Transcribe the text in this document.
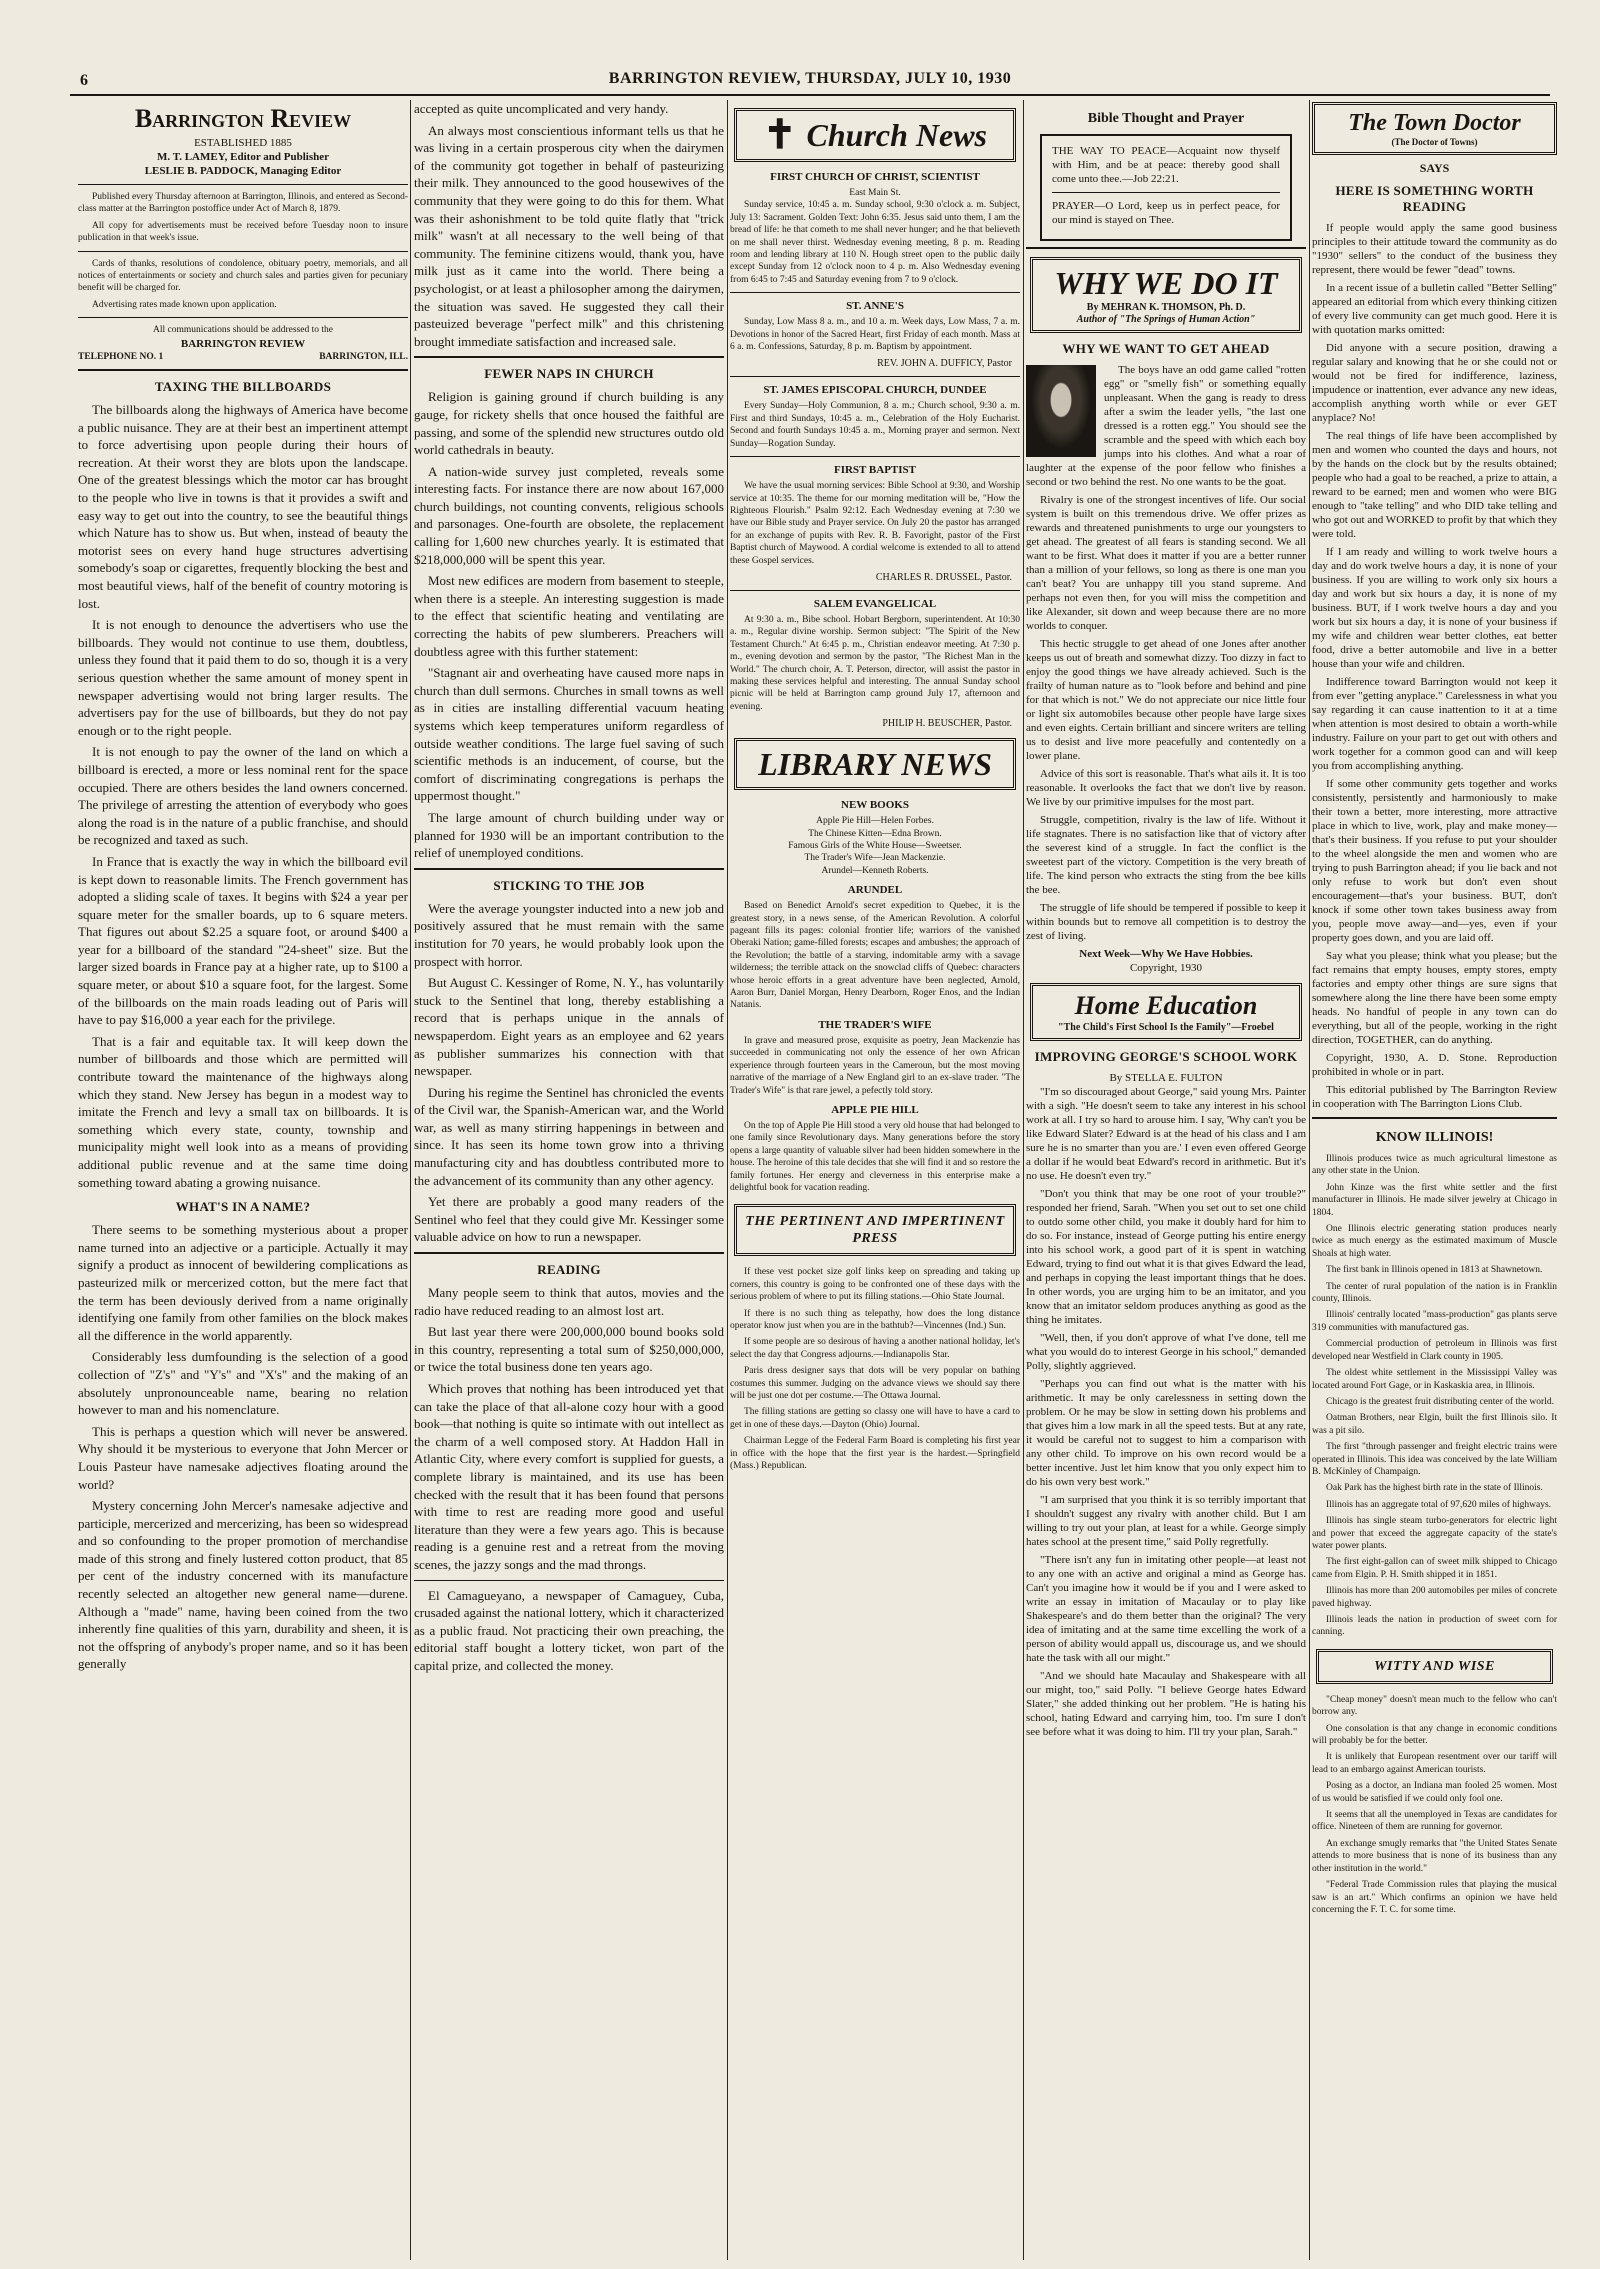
6	BARRINGTON REVIEW, THURSDAY, JULY 10, 1930
Barrington Review
ESTABLISHED 1885
M. T. LAMEY, Editor and Publisher
LESLIE B. PADDOCK, Managing Editor

Published every Thursday afternoon at Barrington, Illinois, and entered as Second-class matter at the Barrington postoffice under Act of March 8, 1879.

All copy for advertisements must be received before Tuesday noon to insure publication in that week's issue.

Cards of thanks, resolutions of condolence, obituary poetry, memorials, and all notices of entertainments or society and church sales and parties given for pecuniary benefit will be charged for.

Advertising rates made known upon application.

All communications should be addressed to the
BARRINGTON REVIEW
TELEPHONE NO. 1	BARRINGTON, ILL.
TAXING THE BILLBOARDS

The billboards along the highways of America have become a public nuisance. They are at their best an impertinent attempt to force advertising upon people during their hours of recreation. At their worst they are blots upon the landscape. One of the greatest blessings which the motor car has brought to the people who live in towns is that it provides a swift and easy way to get out into the country, to see the beautiful things which Nature has to show us. But when, instead of beauty the motorist sees on every hand huge structures advertising somebody's soap or cigarettes, frequently blocking the best and most beautiful views, half of the benefit of country motoring is lost.

It is not enough to denounce the advertisers who use the billboards. They would not continue to use them, doubtless, unless they found that it paid them to do so, though it is a very serious question whether the same amount of money spent in newspaper advertising would not bring larger results. The advertisers pay for the use of billboards, but they do not pay enough or to the right people.

It is not enough to pay the owner of the land on which a billboard is erected, a more or less nominal rent for the space occupied. There are others besides the land owners concerned. The privilege of arresting the attention of everybody who goes along the road is in the nature of a public franchise, and should be recognized and taxed as such.

In France that is exactly the way in which the billboard evil is kept down to reasonable limits. The French government has adopted a sliding scale of taxes. It begins with $24 a year per square meter for the smaller boards, up to 6 square meters. That figures out about $2.25 a square foot, or around $400 a year for a billboard of the standard "24-sheet" size. But the larger sized boards in France pay at a higher rate, up to $100 a square meter, or about $10 a square foot, for the largest. Some of the billboards on the main roads leading out of Paris will have to pay $16,000 a year each for the privilege.

That is a fair and equitable tax. It will keep down the number of billboards and those which are permitted will contribute toward the maintenance of the highways along which they stand. New Jersey has begun in a modest way to imitate the French and levy a small tax on billboards. It is something which every state, county, township and municipality might well look into as a means of providing additional public revenue and at the same time doing something toward abating a growing nuisance.

WHAT'S IN A NAME?

There seems to be something mysterious about a proper name turned into an adjective or a participle. Actually it may signify a product as innocent of bewildering complications as pasteurized milk or mercerized cotton, but the mere fact that the term has been deviously derived from a name originally identifying one family from other families on the block makes all the difference in the world apparently.

Considerably less dumfounding is the selection of a good collection of "Z's" and "Y's" and "X's" and the making of an absolutely unpronounceable name, bearing no relation however to man and his nomenclature.

This is perhaps a question which will never be answered. Why should it be mysterious to everyone that John Mercer or Louis Pasteur have namesake adjectives floating around the world?

Mystery concerning John Mercer's namesake adjective and participle, mercerized and mercerizing, has been so widespread and so confounding to the proper promotion of merchandise made of this strong and finely lustered cotton product, that 85 per cent of the industry concerned with its manufacture recently selected an altogether new general name—durene. Although a "made" name, having been coined from the two inherently fine qualities of this yarn, durability and sheen, it is not the offspring of anybody's proper name, and so it has been generally

accepted as quite uncomplicated and very handy.

An always most conscientious informant tells us that he was living in a certain prosperous city when the dairymen of the community got together in behalf of pasteurizing their milk. They announced to the good housewives of the community that they were going to do this for them. What was their ashonishment to be told quite flatly that "trick milk" wasn't at all necessary to the well being of that community. The feminine citizens would, thank you, have milk just as it came into the world. There being a psychologist, or at least a philosopher among the dairymen, the situation was saved. He suggested they call their pasteuized beverage "perfect milk" and this christening brought immediate satisfaction and increased sale.

FEWER NAPS IN CHURCH

Religion is gaining ground if church building is any gauge, for rickety shells that once housed the faithful are passing, and some of the splendid new structures outdo old world cathedrals in beauty.

A nation-wide survey just completed, reveals some interesting facts. For instance there are now about 167,000 church buildings, not counting convents, religious schools and parsonages. One-fourth are obsolete, the replacement calling for 1,600 new churches yearly. It is estimated that $218,000,000 will be spent this year.

Most new edifices are modern from basement to steeple, when there is a steeple. An interesting suggestion is made to the effect that scientific heating and ventilating are correcting the habits of pew slumberers. Preachers will doubtless agree with this further statement:

"Stagnant air and overheating have caused more naps in church than dull sermons. Churches in small towns as well as in cities are installing differential vacuum heating systems which keep temperatures uniform regardless of outside weather conditions. The large fuel saving of such scientific methods is an inducement, of course, but the comfort of discriminating congregations is perhaps the uppermost thought."

The large amount of church building under way or planned for 1930 will be an important contribution to the relief of unemployed conditions.

STICKING TO THE JOB

Were the average youngster inducted into a new job and positively assured that he must remain with the same institution for 70 years, he would probably look upon the prospect with horror.

But August C. Kessinger of Rome, N. Y., has voluntarily stuck to the Sentinel that long, thereby establishing a record that is perhaps unique in the annals of newspaperdom. Eight years as an employee and 62 years as publisher summarizes his connection with that newspaper.

During his regime the Sentinel has chronicled the events of the Civil war, the Spanish-American war, and the World war, as well as many stirring happenings in between and since. It has seen its home town grow into a thriving manufacturing city and has doubtless contributed more to the advancement of its community than any other agency.

Yet there are probably a good many readers of the Sentinel who feel that they could give Mr. Kessinger some valuable advice on how to run a newspaper.

READING

Many people seem to think that autos, movies and the radio have reduced reading to an almost lost art.

But last year there were 200,000,000 bound books sold in this country, representing a total sum of $250,000,000, or twice the total business done ten years ago.

Which proves that nothing has been introduced yet that can take the place of that all-alone cozy hour with a good book—that nothing is quite so intimate with out intellect as the charm of a well composed story. At Haddon Hall in Atlantic City, where every comfort is supplied for guests, a complete library is maintained, and its use has been checked with the result that it has been found that persons with time to rest are reading more good and useful literature than they were a few years ago. This is because reading is a genuine rest and a retreat from the moving scenes, the jazzy songs and the mad throngs.

El Camagueyano, a newspaper of Camaguey, Cuba, crusaded against the national lottery, which it characterized as a public fraud. Not practicing their own preaching, the editorial staff bought a lottery ticket, won part of the capital prize, and collected the money.

✝ Church News
FIRST CHURCH OF CHRIST, SCIENTIST
East Main St.

Sunday service, 10:45 a. m. Sunday school, 9:30 o'clock a. m. Subject, July 13: Sacrament. Golden Text: John 6:35. Jesus said unto them, I am the bread of life: he that cometh to me shall never hunger; and he that believeth on me shall never thirst. Wednesday evening meeting, 8 p. m. Reading room and lending library at 110 N. Hough street open to the public daily except Sunday from 12 o'clock noon to 4 p. m. Also Wednesday evening from 6:45 to 7:45 and Saturday evening from 7 to 9 o'clock.

ST. ANNE'S

Sunday, Low Mass 8 a. m., and 10 a. m. Week days, Low Mass, 7 a. m. Devotions in honor of the Sacred Heart, first Friday of each month. Mass at 6 a. m. Confessions, Saturday, 8 p. m. Baptism by appointment.

REV. JOHN A. DUFFICY, Pastor
ST. JAMES EPISCOPAL CHURCH, DUNDEE

Every Sunday—Holy Communion, 8 a. m.; Church school, 9:30 a. m. First and third Sundays, 10:45 a. m., Celebration of the Holy Eucharist. Second and fourth Sundays 10:45 a. m., Morning prayer and sermon. Next Sunday—Rogation Sunday.

FIRST BAPTIST

We have the usual morning services: Bible School at 9:30, and Worship service at 10:35. The theme for our morning meditation will be, "How the Righteous Flourish." Psalm 92:12. Each Wednesday evening at 7:30 we have our Bible study and Prayer service. On July 20 the pastor has arranged for an exchange of pupits with Rev. R. B. Favoright, pastor of the First Baptist church of Maywood. A cordial welcome is extended to all to attend these Gospel services.

CHARLES R. DRUSSEL, Pastor.
SALEM EVANGELICAL

At 9:30 a. m., Bibe school. Hobart Bergborn, superintendent. At 10:30 a. m., Regular divine worship. Sermon subject: "The Spirit of the New Testament Church." At 6:45 p. m., Christian endeavor meeting. At 7:30 p. m., evening devotion and sermon by the pastor, "The Richest Man in the World." The church choir, A. T. Peterson, director, will assist the pastor in making these services helpful and interesting. The annual Sunday school picnic will be held at Barrington camp ground July 17, afternoon and evening.

PHILIP H. BEUSCHER, Pastor.
LIBRARY NEWS
NEW BOOKS

Apple Pie Hill—Helen Forbes.

The Chinese Kitten—Edna Brown.

Famous Girls of the White House—Sweetser.

The Trader's Wife—Jean Mackenzie.

Arundel—Kenneth Roberts.

ARUNDEL

Based on Benedict Arnold's secret expedition to Quebec, it is the greatest story, in a news sense, of the American Revolution. A colorful pageant fills its pages: colonial frontier life; warriors of the vanished Oberaki Nation; game-filled forests; escapes and ambushes; the approach of the Revolution; the battle of a starving, indomitable army with a savage wilderness; the terrible attack on the snowclad cliffs of Quebec: characters whose heroic efforts in a great adventure have been neglected, Arnold, Aaron Burr, Daniel Morgan, Henry Dearborn, Roger Enos, and the Indian Natanis.

THE TRADER'S WIFE

In grave and measured prose, exquisite as poetry, Jean Mackenzie has succeeded in communicating not only the essence of her own African experience through fourteen years in the Cameroun, but the most moving narrative of the marriage of a New England girl to an ex-slave trader. "The Trader's Wife" is that rare jewel, a pefectly told story.

APPLE PIE HILL

On the top of Apple Pie Hill stood a very old house that had belonged to one family since Revolutionary days. Many generations before the story opens a large quantity of valuable silver had been hidden somewhere in the house. The heroine of this tale decides that she will find it and so restore the family fortunes. Her energy and cleverness in this enterprise make a delightful book for vacation reading.

THE PERTINENT AND IMPERTINENT PRESS

If these vest pocket size golf links keep on spreading and taking up corners, this country is going to be confronted one of these days with the serious problem of where to put its filling stations.—Ohio State Journal.

If there is no such thing as telepathy, how does the long distance operator know just when you are in the bathtub?—Vincennes (Ind.) Sun.

If some people are so desirous of having a another national holiday, let's select the day that Congress adjourns.—Indianapolis Star.

Paris dress designer says that dots will be very popular on bathing costumes this summer. Judging on the advance views we should say there will be just one dot per costume.—The Ottawa Journal.

The filling stations are getting so classy one will have to have a card to get in one of these days.—Dayton (Ohio) Journal.

Chairman Legge of the Federal Farm Board is completing his first year in office with the hope that the first year is the hardest.—Springfield (Mass.) Republican.

Bible Thought and Prayer

THE WAY TO PEACE—Acquaint now thyself with Him, and be at peace: thereby good shall come unto thee.—Job 22:21.

PRAYER—O Lord, keep us in perfect peace, for our mind is stayed on Thee.

WHY WE DO IT
By MEHRAN K. THOMSON, Ph. D.
Author of "The Springs of Human Action"
WHY WE WANT TO GET AHEAD

The boys have an odd game called "rotten egg" or "smelly fish" or something equally unpleasant. When the gang is ready to dress after a swim the leader yells, "the last one dressed is a rotten egg." You should see the scramble and the speed with which each boy jumps into his clothes. And what a roar of laughter at the expense of the poor fellow who finishes a second or two behind the rest. No one wants to be the goat.

Rivalry is one of the strongest incentives of life. Our social system is built on this tremendous drive. We offer prizes as rewards and threatened punishments to urge our youngsters to get ahead. The greatest of all fears is standing second. We all want to be first. What does it matter if you are a better runner than a million of your fellows, so long as there is one man you can't beat? You are unhappy till you stand supreme. And perhaps not even then, for you will miss the competition and like Alexander, sit down and weep because there are no more worlds to conquer.

This hectic struggle to get ahead of one Jones after another keeps us out of breath and somewhat dizzy. Too dizzy in fact to enjoy the good things we have already achieved. Such is the frailty of human nature as to "look before and behind and pine for that which is not." We do not appreciate our nice little four or light six automobiles because other people have large sixes and even eights. Certain brilliant and sincere writers are telling us to desist and live more peacefully and contentedly on a lower plane.

Advice of this sort is reasonable. That's what ails it. It is too reasonable. It overlooks the fact that we don't live by reason. We live by our primitive impulses for the most part.

Struggle, competition, rivalry is the law of life. Without it life stagnates. There is no satisfaction like that of victory after the severest kind of a struggle. In fact the conflict is the sweetest part of the victory. Competition is the very breath of life. The kind person who extracts the sting from the bee kills the bee.

The struggle of life should be tempered if possible to keep it within bounds but to remove all competition is to destroy the zest of living.

Next Week—Why We Have Hobbies.
Copyright, 1930
Home Education
"The Child's First School Is the Family"—Froebel
IMPROVING GEORGE'S SCHOOL WORK
By STELLA E. FULTON

"I'm so discouraged about George," said young Mrs. Painter with a sigh. "He doesn't seem to take any interest in his school work at all. I try so hard to arouse him. I say, 'Why can't you be like Edward Slater? Edward is at the head of his class and I am sure he is no smarter than you are.' I even even offered George a dollar if he would beat Edward's record in arithmetic. But it's no use. He doesn't even try."

"Don't you think that may be one root of your trouble?" responded her friend, Sarah. "When you set out to set one child to outdo some other child, you make it doubly hard for him to do so. For instance, instead of George putting his entire energy into his school work, a good part of it is spent in watching Edward, trying to find out what it is that gives Edward the lead, and perhaps in copying the least important things that he does. In other words, you are urging him to be an imitator, and you know that an imitator seldom produces anything as good as the thing he imitates.

"Well, then, if you don't approve of what I've done, tell me what you would do to interest George in his school," demanded Polly, slightly aggrieved.

"Perhaps you can find out what is the matter with his arithmetic. It may be only carelessness in setting down the problem. Or he may be slow in setting down his problems and that gives him a low mark in all the speed tests. But at any rate, it would be careful not to suggest to him a comparison with any other child. To improve on his own record would be a better incentive. Just let him know that you only expect him to do his own very best work."

"I am surprised that you think it is so terribly important that I shouldn't suggest any rivalry with another child. But I am willing to try out your plan, at least for a while. George simply hates school at the present time," said Polly regretfully.

"There isn't any fun in imitating other people—at least not to any one with an active and original a mind as George has. Can't you imagine how it would be if you and I were asked to write an essay in imitation of Macaulay or to play like Shakespeare's and do them better than the original? The very idea of imitating and at the same time excelling the work of a person of ability would appall us, discourage us, and we should hate the task with all our might."

"And we should hate Macaulay and Shakespeare with all our might, too," said Polly. "I believe George hates Edward Slater," she added thinking out her problem. "He is hating his school, hating Edward and carrying him, too. I'm sure I don't see before what it was doing to him. I'll try your plan, Sarah."

The Town Doctor
(The Doctor of Towns)
SAYS
HERE IS SOMETHING WORTH READING

If people would apply the same good business principles to their attitude toward the community as do "1930" sellers" to the conduct of the business they represent, there would be fewer "dead" towns.

In a recent issue of a bulletin called "Better Selling" appeared an editorial from which every thinking citizen of every live community can get much good. Here it is with quotation marks omitted:

Did anyone with a secure position, drawing a regular salary and knowing that he or she could not or would not be fired for indifference, laziness, impudence or inattention, ever advance any new ideas, accomplish anything worth while or ever GET anyplace? No!

The real things of life have been accomplished by men and women who counted the days and hours, not by the hands on the clock but by the results obtained; people who had a goal to be reached, a prize to attain, a reward to be earned; men and women who were BIG enough to "take telling" and who DID take telling and who got out and WORKED to profit by that which they were told.

If I am ready and willing to work twelve hours a day and do work twelve hours a day, it is none of your business. If you are willing to work only six hours a day and work but six hours a day, it is none of my business. BUT, if I work twelve hours a day and you work but six hours a day, it is none of your business if my wife and children wear better clothes, eat better food, drive a better automobile and live in a better house than your wife and children.

Indifference toward Barrington would not keep it from ever "getting anyplace." Carelessness in what you say regarding it can cause inattention to it at a time when attention is most desired to obtain a worth-while industry. Failure on your part to get out with others and work together for a common good can and will keep you from accomplishing anything.

If some other community gets together and works consistently, persistently and harmoniously to make their town a better, more interesting, more attractive place in which to live, work, play and make money—that's their business. If you refuse to put your shoulder to the wheel alongside the men and women who are trying to push Barrington ahead; if you lie back and not only refuse to work but don't even shout encouragement—that's your business. BUT, don't knock if some other town takes business away from you, people move away—and—yes, even if your property goes down, and you are laid off.

Say what you please; think what you please; but the fact remains that empty houses, empty stores, empty factories and empty other things are sure signs that somewhere along the line there have been some empty heads. No handful of people in any town can do everything, but all of the people, working in the right direction, TOGETHER, can do anything.

Copyright, 1930, A. D. Stone. Reproduction prohibited in whole or in part.

This editorial published by The Barrington Review in cooperation with The Barrington Lions Club.

KNOW ILLINOIS!

Illinois produces twice as much agricultural limestone as any other state in the Union.

John Kinze was the first white settler and the first manufacturer in Illinois. He made silver jewelry at Chicago in 1804.

One Illinois electric generating station produces nearly twice as much energy as the estimated maximum of Muscle Shoals at high water.

The first bank in Illinois opened in 1813 at Shawnetown.

The center of rural population of the nation is in Franklin county, Illinois.

Illinois' centrally located "mass-production" gas plants serve 319 communities with manufactured gas.

Commercial production of petroleum in Illinois was first developed near Westfield in Clark county in 1905.

The oldest white settlement in the Mississippi Valley was located around Fort Gage, or in Kaskaskia area, in Illinois.

Chicago is the greatest fruit distributing center of the world.

Oatman Brothers, near Elgin, built the first Illinois silo. It was a pit silo.

The first "through passenger and freight electric trains were operated in Illinois. This idea was conceived by the late William B. McKinley of Champaign.

Oak Park has the highest birth rate in the state of Illinois.

Illinois has an aggregate total of 97,620 miles of highways.

Illinois has single steam turbo-generators for electric light and power that exceed the aggregate capacity of the state's water power plants.

The first eight-gallon can of sweet milk shipped to Chicago came from Elgin. P. H. Smith shipped it in 1851.

Illinois has more than 200 automobiles per miles of concrete paved highway.

Illinois leads the nation in production of sweet corn for canning.

WITTY AND WISE

"Cheap money" doesn't mean much to the fellow who can't borrow any.

One consolation is that any change in economic conditions will probably be for the better.

It is unlikely that European resentment over our tariff will lead to an embargo against American tourists.

Posing as a doctor, an Indiana man fooled 25 women. Most of us would be satisfied if we could only fool one.

It seems that all the unemployed in Texas are candidates for office. Nineteen of them are running for governor.

An exchange smugly remarks that "the United States Senate attends to more business that is none of its business than any other institution in the world."

"Federal Trade Commission rules that playing the musical saw is an art." Which confirms an opinion we have held concerning the F. T. C. for some time.
